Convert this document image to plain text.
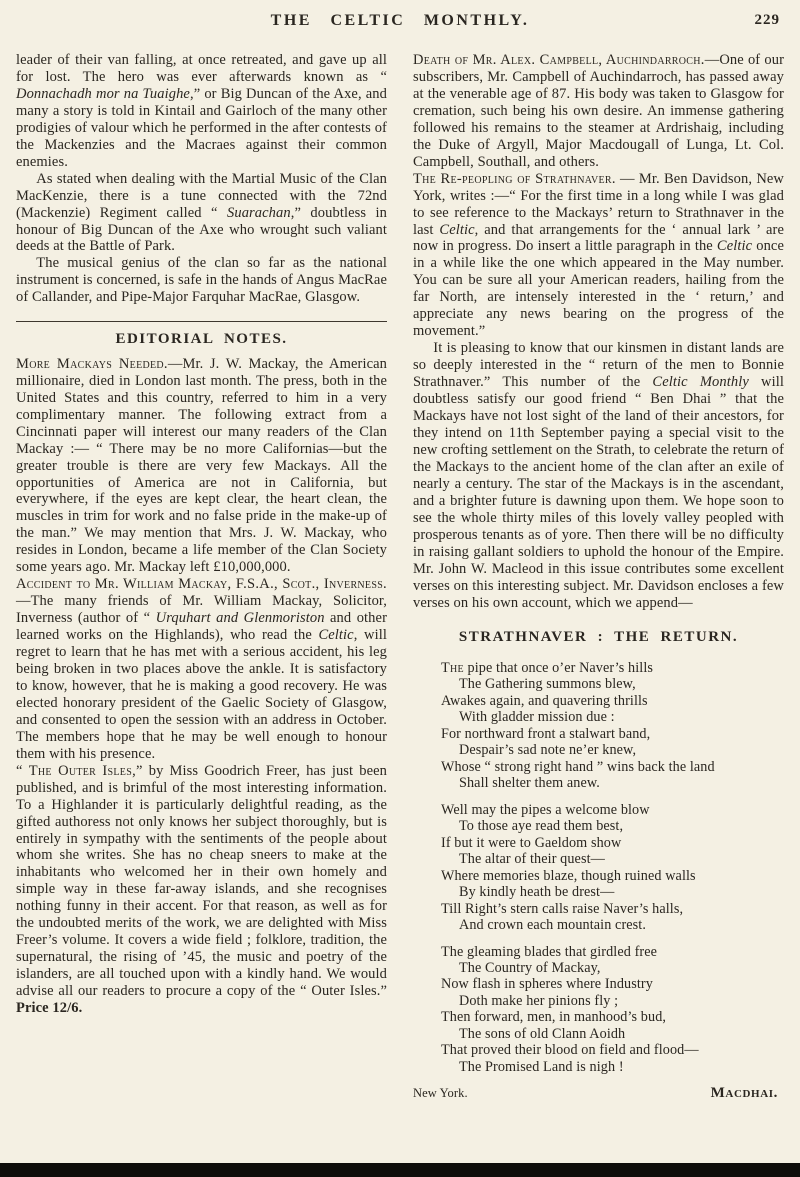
THE CELTIC MONTHLY.	229

leader of their van falling, at once retreated, and gave up all for lost. The hero was ever afterwards known as “ Donnachadh mor na Tuaighe,” or Big Duncan of the Axe, and many a story is told in Kintail and Gairloch of the many other prodigies of valour which he performed in the after contests of the Mackenzies and the Macraes against their common enemies.

As stated when dealing with the Martial Music of the Clan MacKenzie, there is a tune connected with the 72nd (Mackenzie) Regiment called “ Suarachan,” doubtless in honour of Big Duncan of the Axe who wrought such valiant deeds at the Battle of Park.

The musical genius of the clan so far as the national instrument is concerned, is safe in the hands of Angus MacRae of Callander, and Pipe-Major Farquhar MacRae, Glasgow.

EDITORIAL NOTES.

More Mackays Needed.—Mr. J. W. Mackay, the American millionaire, died in London last month. The press, both in the United States and this country, referred to him in a very complimentary manner. The following extract from a Cincinnati paper will interest our many readers of the Clan Mackay :— “ There may be no more Californias—but the greater trouble is there are very few Mackays. All the opportunities of America are not in California, but everywhere, if the eyes are kept clear, the heart clean, the muscles in trim for work and no false pride in the make-up of the man.” We may mention that Mrs. J. W. Mackay, who resides in London, became a life member of the Clan Society some years ago. Mr. Mackay left £10,000,000.

Accident to Mr. William Mackay, F.S.A., Scot., Inverness.—The many friends of Mr. William Mackay, Solicitor, Inverness (author of “ Urquhart and Glenmoriston and other learned works on the Highlands), who read the Celtic, will regret to learn that he has met with a serious accident, his leg being broken in two places above the ankle. It is satisfactory to know, however, that he is making a good recovery. He was elected honorary president of the Gaelic Society of Glasgow, and consented to open the session with an address in October. The members hope that he may be well enough to honour them with his presence.

“ The Outer Isles,” by Miss Goodrich Freer, has just been published, and is brimful of the most interesting information. To a Highlander it is particularly delightful reading, as the gifted authoress not only knows her subject thoroughly, but is entirely in sympathy with the sentiments of the people about whom she writes. She has no cheap sneers to make at the inhabitants who welcomed her in their own homely and simple way in these far-away islands, and she recognises nothing funny in their accent. For that reason, as well as for the undoubted merits of the work, we are delighted with Miss Freer’s volume. It covers a wide field ; folklore, tradition, the supernatural, the rising of ’45, the music and poetry of the islanders, are all touched upon with a kindly hand. We would advise all our readers to procure a copy of the “ Outer Isles.” Price 12/6.

Death of Mr. Alex. Campbell, Auchindarroch.—One of our subscribers, Mr. Campbell of Auchindarroch, has passed away at the venerable age of 87. His body was taken to Glasgow for cremation, such being his own desire. An immense gathering followed his remains to the steamer at Ardrishaig, including the Duke of Argyll, Major Macdougall of Lunga, Lt. Col. Campbell, Southall, and others.

The Re-peopling of Strathnaver. — Mr. Ben Davidson, New York, writes :—“ For the first time in a long while I was glad to see reference to the Mackays’ return to Strathnaver in the last Celtic, and that arrangements for the ‘ annual lark ’ are now in progress. Do insert a little paragraph in the Celtic once in a while like the one which appeared in the May number. You can be sure all your American readers, hailing from the far North, are intensely interested in the ‘ return,’ and appreciate any news bearing on the progress of the movement.”

It is pleasing to know that our kinsmen in distant lands are so deeply interested in the “ return of the men to Bonnie Strathnaver.” This number of the Celtic Monthly will doubtless satisfy our good friend “ Ben Dhai ” that the Mackays have not lost sight of the land of their ancestors, for they intend on 11th September paying a special visit to the new crofting settlement on the Strath, to celebrate the return of the Mackays to the ancient home of the clan after an exile of nearly a century. The star of the Mackays is in the ascendant, and a brighter future is dawning upon them. We hope soon to see the whole thirty miles of this lovely valley peopled with prosperous tenants as of yore. Then there will be no difficulty in raising gallant soldiers to uphold the honour of the Empire. Mr. John W. Macleod in this issue contributes some excellent verses on this interesting subject. Mr. Davidson encloses a few verses on his own account, which we append—

STRATHNAVER : THE RETURN.
The pipe that once o’er Naver’s hills
The Gathering summons blew,
Awakes again, and quavering thrills
With gladder mission due :
For northward front a stalwart band,
Despair’s sad note ne’er knew,
Whose “ strong right hand ” wins back the land
Shall shelter them anew.
Well may the pipes a welcome blow
To those aye read them best,
If but it were to Gaeldom show
The altar of their quest—
Where memories blaze, though ruined walls
By kindly heath be drest—
Till Right’s stern calls raise Naver’s halls,
And crown each mountain crest.
The gleaming blades that girdled free
The Country of Mackay,
Now flash in spheres where Industry
Doth make her pinions fly ;
Then forward, men, in manhood’s bud,
The sons of old Clann Aoidh
That proved their blood on field and flood—
The Promised Land is nigh !
New York.	Macdhai.
